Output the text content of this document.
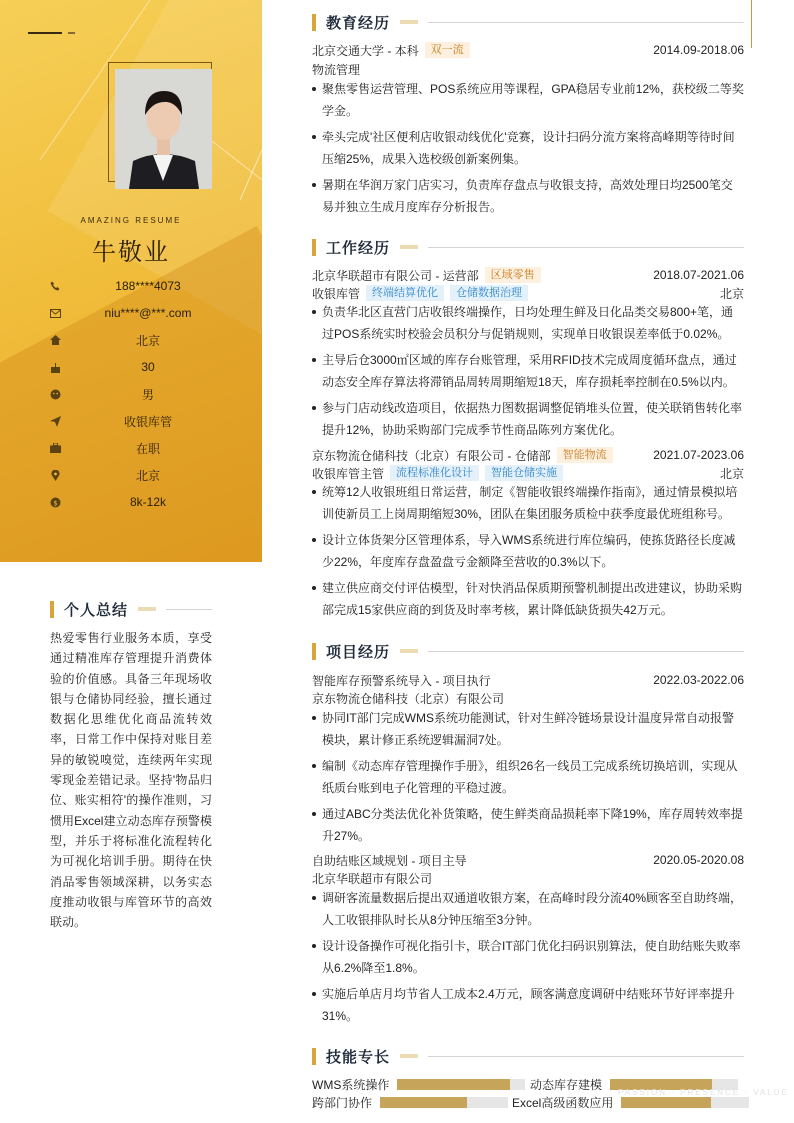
AMAZING RESUME
牛敬业
188****4073
niu****@***.com
北京
30
男
收银库管
在职
北京
$	8k-12k
个人总结
热爱零售行业服务本质，享受通过精准库存管理提升消费体验的价值感。具备三年现场收银与仓储协同经验，擅长通过数据化思维优化商品流转效率，日常工作中保持对账目差异的敏锐嗅觉，连续两年实现零现金差错记录。坚持'物品归位、账实相符'的操作准则，习惯用Excel建立动态库存预警模型，并乐于将标准化流程转化为可视化培训手册。期待在快消品零售领域深耕，以务实态度推动收银与库管环节的高效联动。
教育经历
北京交通大学 - 本科	双一流	2014.09-2018.06
物流管理
聚焦零售运营管理、POS系统应用等课程，GPA稳居专业前12%，获校级二等奖学金。
牵头完成'社区便利店收银动线优化'竞赛，设计扫码分流方案将高峰期等待时间压缩25%，成果入选校级创新案例集。
暑期在华润万家门店实习，负责库存盘点与收银支持，高效处理日均2500笔交易并独立生成月度库存分析报告。
工作经历
北京华联超市有限公司 - 运营部	区域零售	2018.07-2021.06
收银库管	终端结算优化	仓储数据治理	北京
负责华北区直营门店收银终端操作，日均处理生鲜及日化品类交易800+笔，通过POS系统实时校验会员积分与促销规则，实现单日收银误差率低于0.02%。
主导后仓3000㎡区域的库存台账管理，采用RFID技术完成周度循环盘点，通过动态安全库存算法将滞销品周转周期缩短18天，库存损耗率控制在0.5%以内。
参与门店动线改造项目，依据热力图数据调整促销堆头位置，使关联销售转化率提升12%，协助采购部门完成季节性商品陈列方案优化。
京东物流仓储科技（北京）有限公司 - 仓储部	智能物流	2021.07-2023.06
收银库管主管	流程标准化设计	智能仓储实施	北京
统筹12人收银班组日常运营，制定《智能收银终端操作指南》，通过情景模拟培训使新员工上岗周期缩短30%，团队在集团服务质检中获季度最优班组称号。
设计立体货架分区管理体系，导入WMS系统进行库位编码，使拣货路径长度减少22%，年度库存盘盈盘亏金额降至营收的0.3%以下。
建立供应商交付评估模型，针对快消品保质期预警机制提出改进建议，协助采购部完成15家供应商的到货及时率考核，累计降低缺货损失42万元。
项目经历
智能库存预警系统导入 - 项目执行	2022.03-2022.06
京东物流仓储科技（北京）有限公司
协同IT部门完成WMS系统功能测试，针对生鲜冷链场景设计温度异常自动报警模块，累计修正系统逻辑漏洞7处。
编制《动态库存管理操作手册》，组织26名一线员工完成系统切换培训，实现从纸质台账到电子化管理的平稳过渡。
通过ABC分类法优化补货策略，使生鲜类商品损耗率下降19%，库存周转效率提升27%。
自助结账区域规划 - 项目主导	2020.05-2020.08
北京华联超市有限公司
调研客流量数据后提出双通道收银方案，在高峰时段分流40%顾客至自助终端，人工收银排队时长从8分钟压缩至3分钟。
设计设备操作可视化指引卡，联合IT部门优化扫码识别算法，使自助结账失败率从6.2%降至1.8%。
实施后单店月均节省人工成本2.4万元，顾客满意度调研中结账环节好评率提升31%。
技能专长
WMS系统操作	动态库存建模
跨部门协作	Excel高级函数应用
PASSION · PRESENCE · VALUE
